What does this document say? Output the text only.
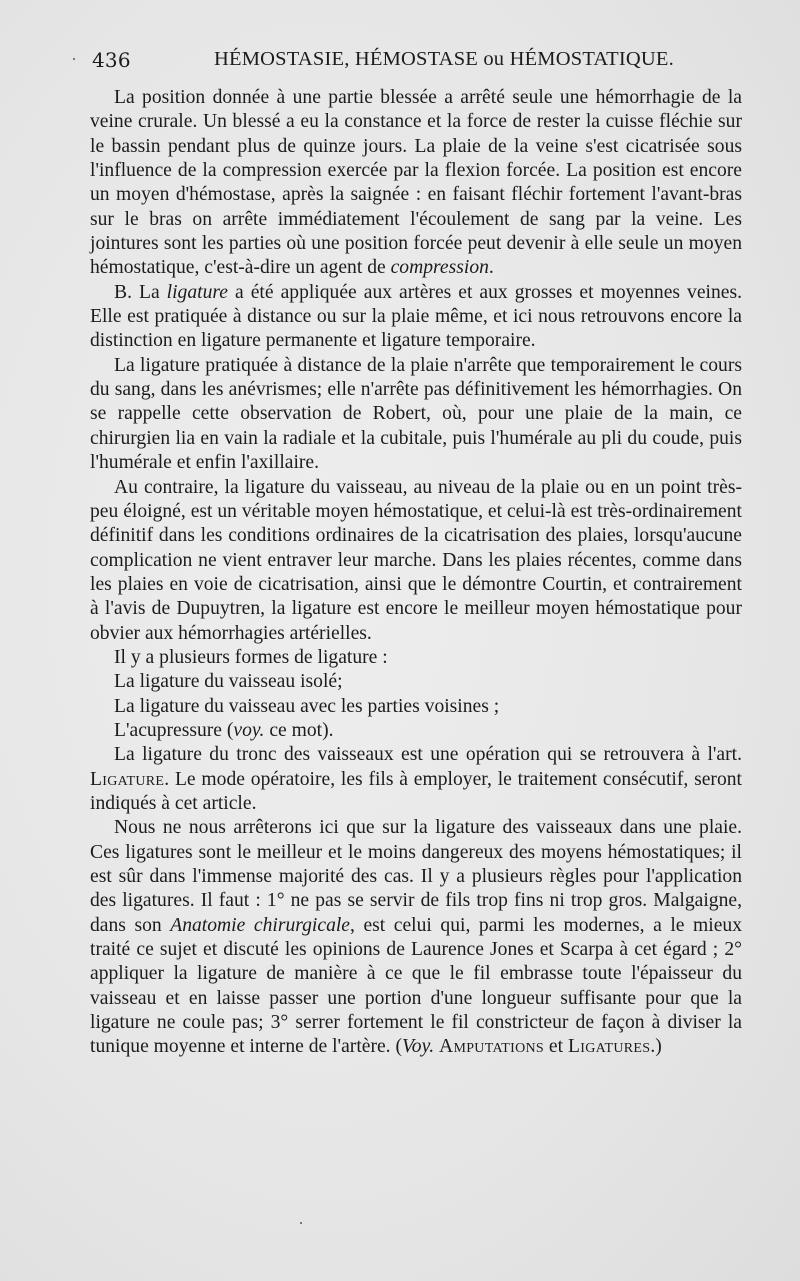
436	HÉMOSTASIE, HÉMOSTASE ou HÉMOSTATIQUE.

La position donnée à une partie blessée a arrêté seule une hémorrhagie de la veine crurale. Un blessé a eu la constance et la force de rester la cuisse fléchie sur le bassin pendant plus de quinze jours. La plaie de la veine s'est cicatrisée sous l'influence de la compression exercée par la flexion forcée. La position est encore un moyen d'hémostase, après la saignée : en faisant fléchir fortement l'avant-bras sur le bras on arrête immédiatement l'écoulement de sang par la veine. Les jointures sont les parties où une position forcée peut devenir à elle seule un moyen hémostatique, c'est-à-dire un agent de compression.

B. La ligature a été appliquée aux artères et aux grosses et moyennes veines. Elle est pratiquée à distance ou sur la plaie même, et ici nous retrouvons encore la distinction en ligature permanente et ligature temporaire.

La ligature pratiquée à distance de la plaie n'arrête que temporairement le cours du sang, dans les anévrismes; elle n'arrête pas définitivement les hémorrhagies. On se rappelle cette observation de Robert, où, pour une plaie de la main, ce chirurgien lia en vain la radiale et la cubitale, puis l'humérale au pli du coude, puis l'humérale et enfin l'axillaire.

Au contraire, la ligature du vaisseau, au niveau de la plaie ou en un point très-peu éloigné, est un véritable moyen hémostatique, et celui-là est très-ordinairement définitif dans les conditions ordinaires de la cicatrisation des plaies, lorsqu'aucune complication ne vient entraver leur marche. Dans les plaies récentes, comme dans les plaies en voie de cicatrisation, ainsi que le démontre Courtin, et contrairement à l'avis de Dupuytren, la ligature est encore le meilleur moyen hémostatique pour obvier aux hémorrhagies artérielles.

Il y a plusieurs formes de ligature :

La ligature du vaisseau isolé;

La ligature du vaisseau avec les parties voisines ;

L'acupressure (voy. ce mot).

La ligature du tronc des vaisseaux est une opération qui se retrouvera à l'art. Ligature. Le mode opératoire, les fils à employer, le traitement consécutif, seront indiqués à cet article.

Nous ne nous arrêterons ici que sur la ligature des vaisseaux dans une plaie. Ces ligatures sont le meilleur et le moins dangereux des moyens hémostatiques; il est sûr dans l'immense majorité des cas. Il y a plusieurs règles pour l'application des ligatures. Il faut : 1° ne pas se servir de fils trop fins ni trop gros. Malgaigne, dans son Anatomie chirurgicale, est celui qui, parmi les modernes, a le mieux traité ce sujet et discuté les opinions de Laurence Jones et Scarpa à cet égard ; 2° appliquer la ligature de manière à ce que le fil embrasse toute l'épaisseur du vaisseau et en laisse passer une portion d'une longueur suffisante pour que la ligature ne coule pas; 3° serrer fortement le fil constricteur de façon à diviser la tunique moyenne et interne de l'artère. (Voy. Amputations et Ligatures.)
